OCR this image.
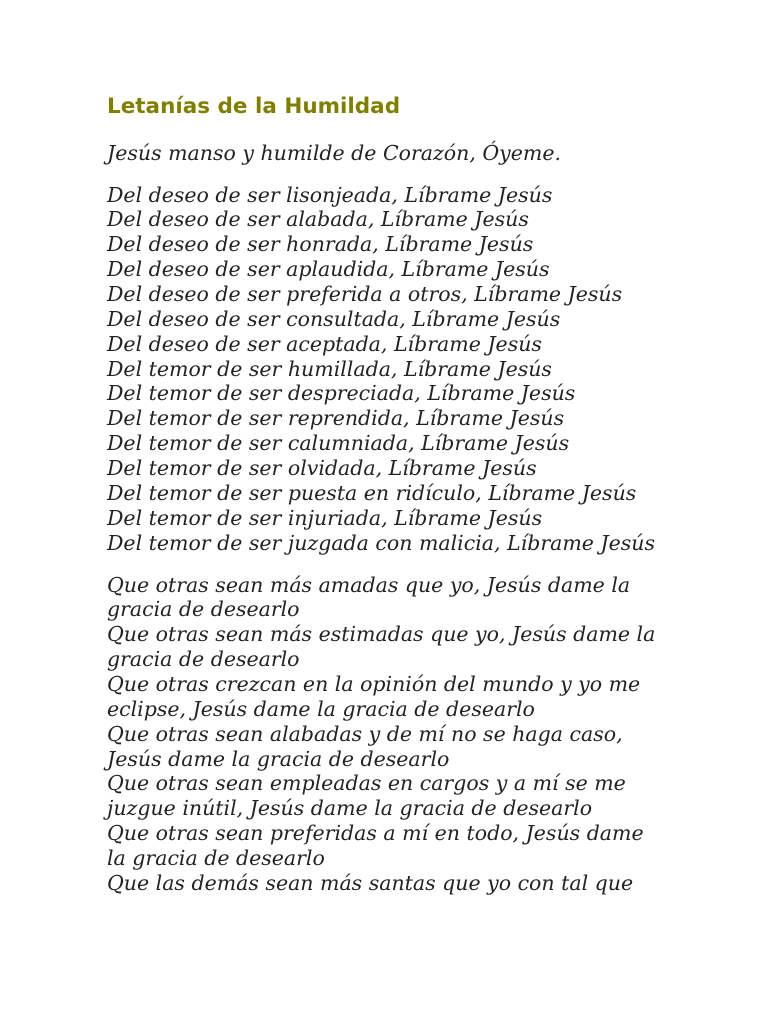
Letanías de la Humildad
Jesús manso y humilde de Corazón, Óyeme.
Del deseo de ser lisonjeada, Líbrame Jesús
Del deseo de ser alabada, Líbrame Jesús
Del deseo de ser honrada, Líbrame Jesús
Del deseo de ser aplaudida, Líbrame Jesús
Del deseo de ser preferida a otros, Líbrame Jesús
Del deseo de ser consultada, Líbrame Jesús
Del deseo de ser aceptada, Líbrame Jesús
Del temor de ser humillada, Líbrame Jesús
Del temor de ser despreciada, Líbrame Jesús
Del temor de ser reprendida, Líbrame Jesús
Del temor de ser calumniada, Líbrame Jesús
Del temor de ser olvidada, Líbrame Jesús
Del temor de ser puesta en ridículo, Líbrame Jesús
Del temor de ser injuriada, Líbrame Jesús
Del temor de ser juzgada con malicia, Líbrame Jesús
Que otras sean más amadas que yo, Jesús dame la
gracia de desearlo
Que otras sean más estimadas que yo, Jesús dame la
gracia de desearlo
Que otras crezcan en la opinión del mundo y yo me
eclipse, Jesús dame la gracia de desearlo
Que otras sean alabadas y de mí no se haga caso,
Jesús dame la gracia de desearlo
Que otras sean empleadas en cargos y a mí se me
juzgue inútil, Jesús dame la gracia de desearlo
Que otras sean preferidas a mí en todo, Jesús dame
la gracia de desearlo
Que las demás sean más santas que yo con tal que
